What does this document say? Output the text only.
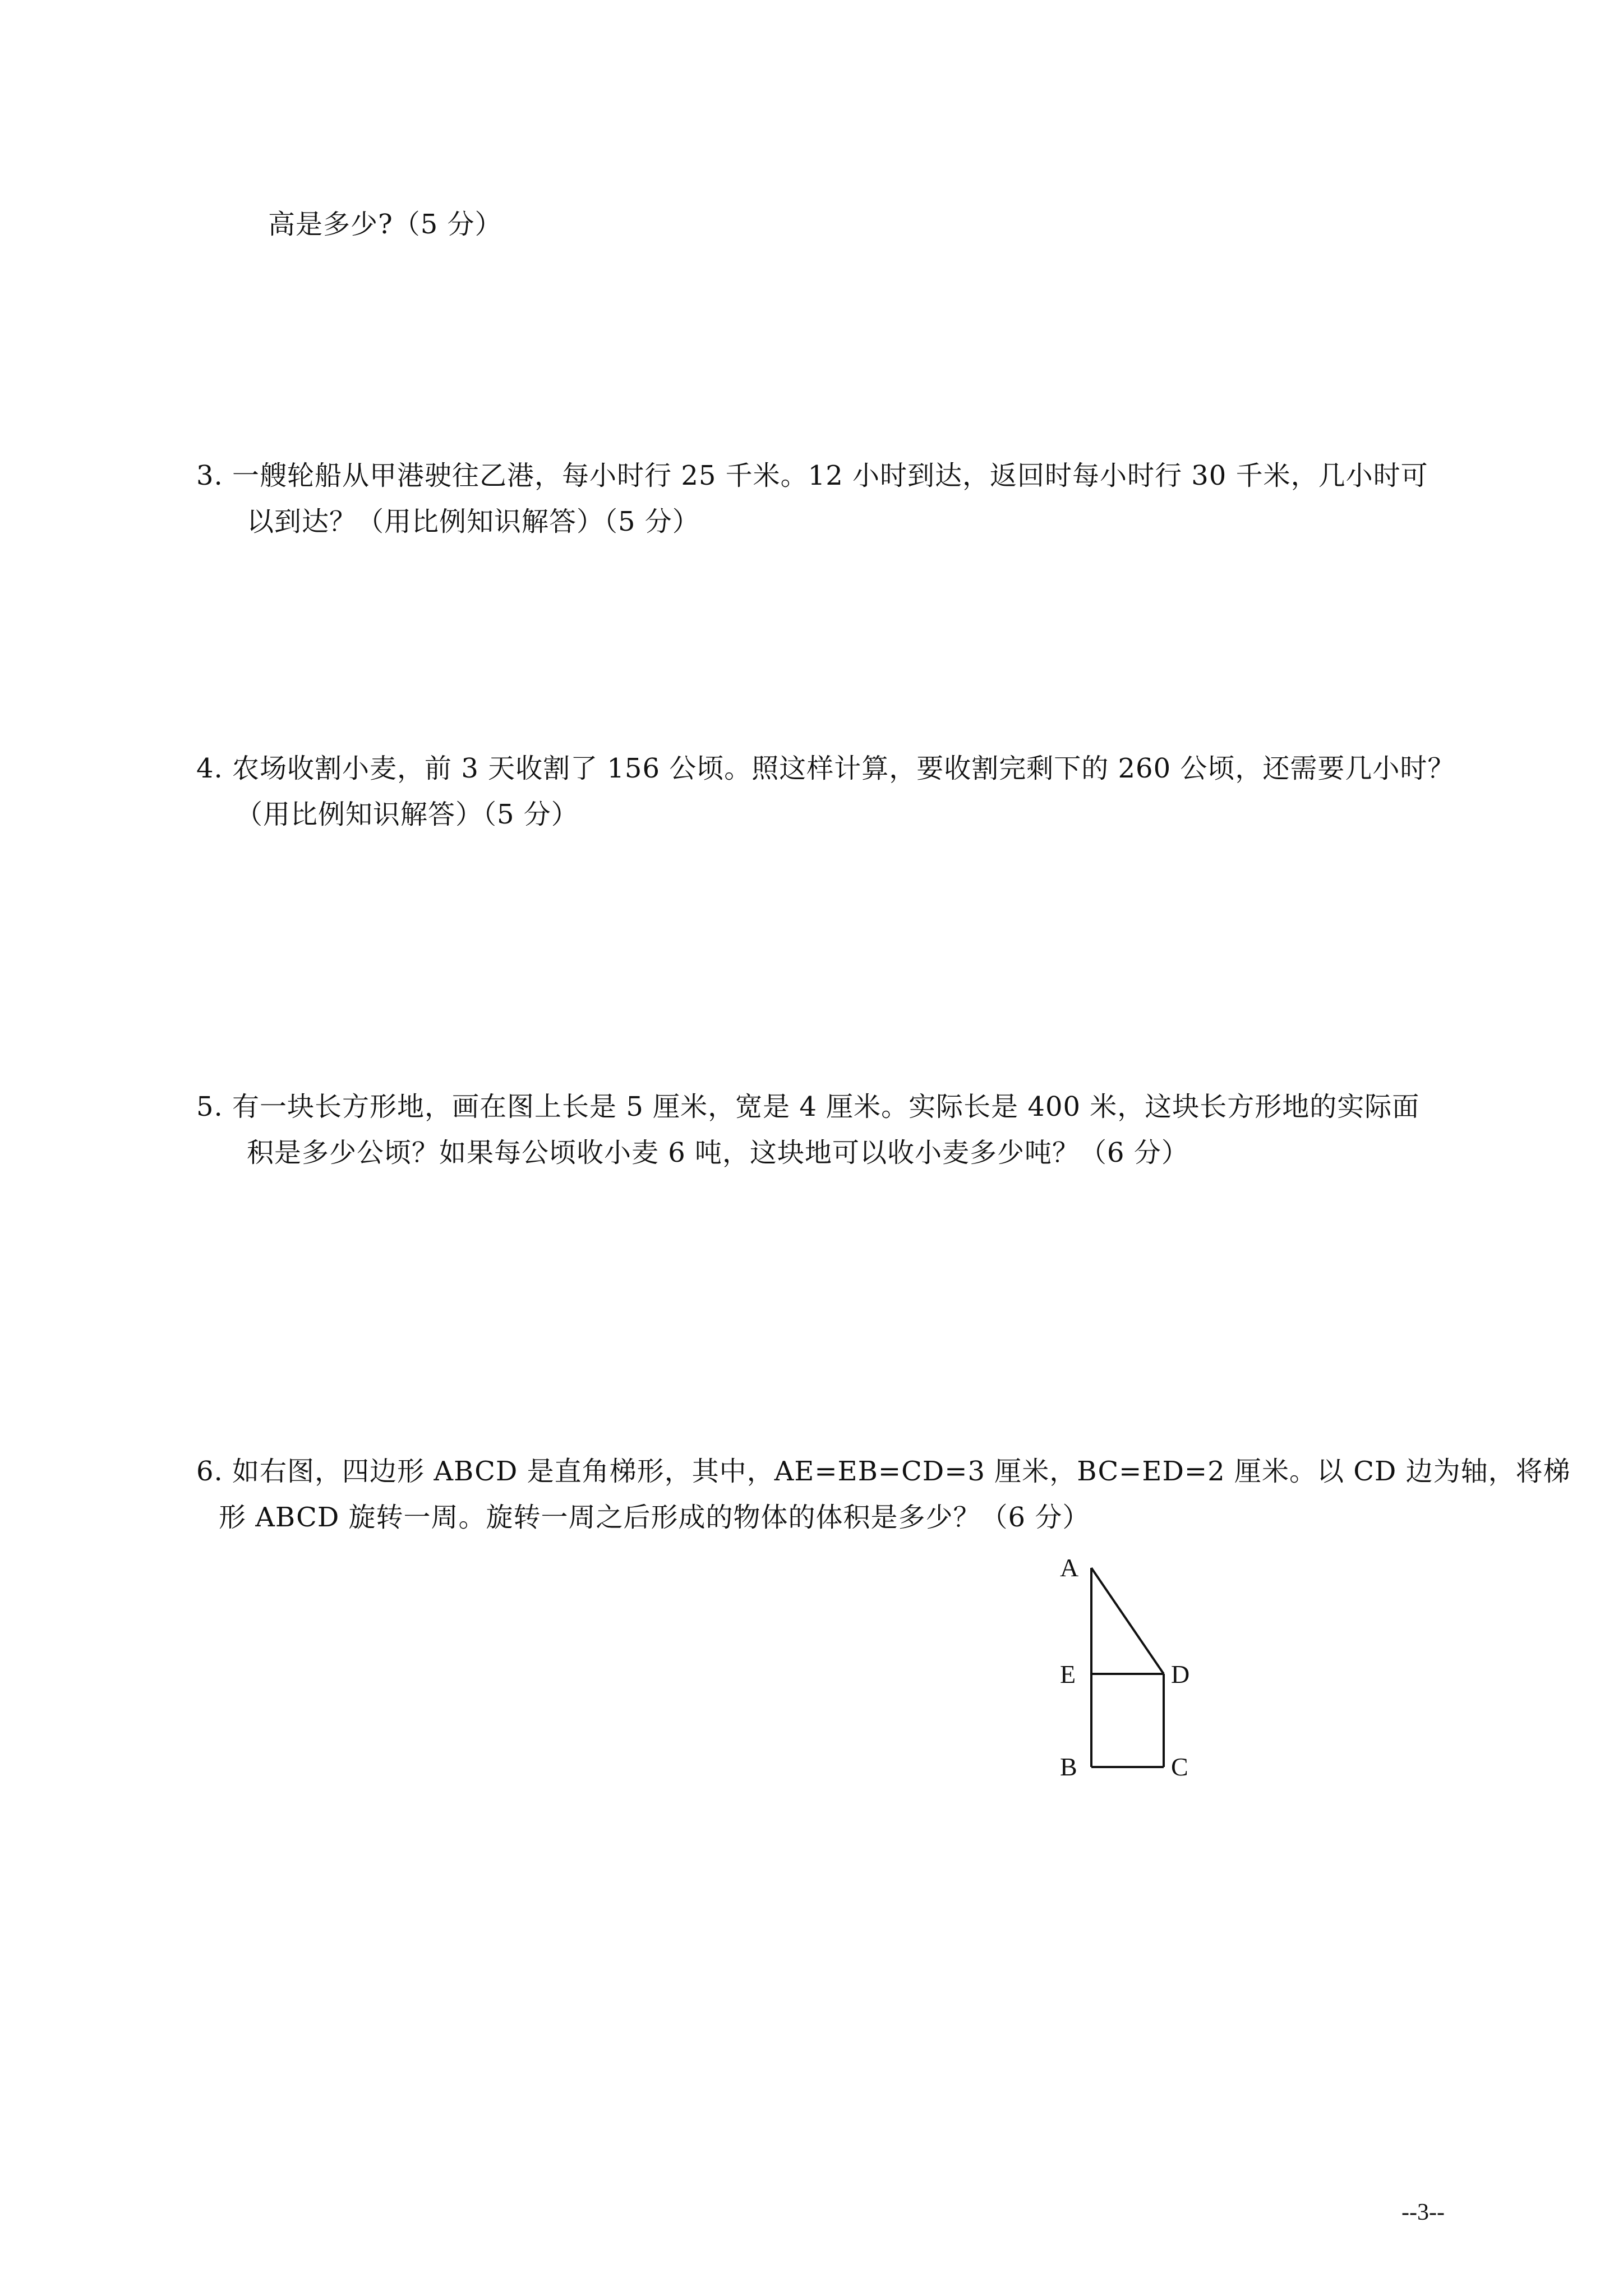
高是多少?（5 分）
3. 一艘轮船从甲港驶往乙港，每小时行 25 千米。12 小时到达，返回时每小时行 30 千米，几小时可
以到达？（用比例知识解答）（5 分）
4. 农场收割小麦，前 3 天收割了 156 公顷。照这样计算，要收割完剩下的 260 公顷，还需要几小时？
（用比例知识解答）（5 分）
5. 有一块长方形地，画在图上长是 5 厘米，宽是 4 厘米。实际长是 400 米，这块长方形地的实际面
积是多少公顷？如果每公顷收小麦 6 吨，这块地可以收小麦多少吨？（6 分）
6. 如右图，四边形 ABCD 是直角梯形，其中，AE=EB=CD=3 厘米，BC=ED=2 厘米。以 CD 边为轴，将梯
形 ABCD 旋转一周。旋转一周之后形成的物体的体积是多少？（6 分）
A
E	D
B	C
--3--
